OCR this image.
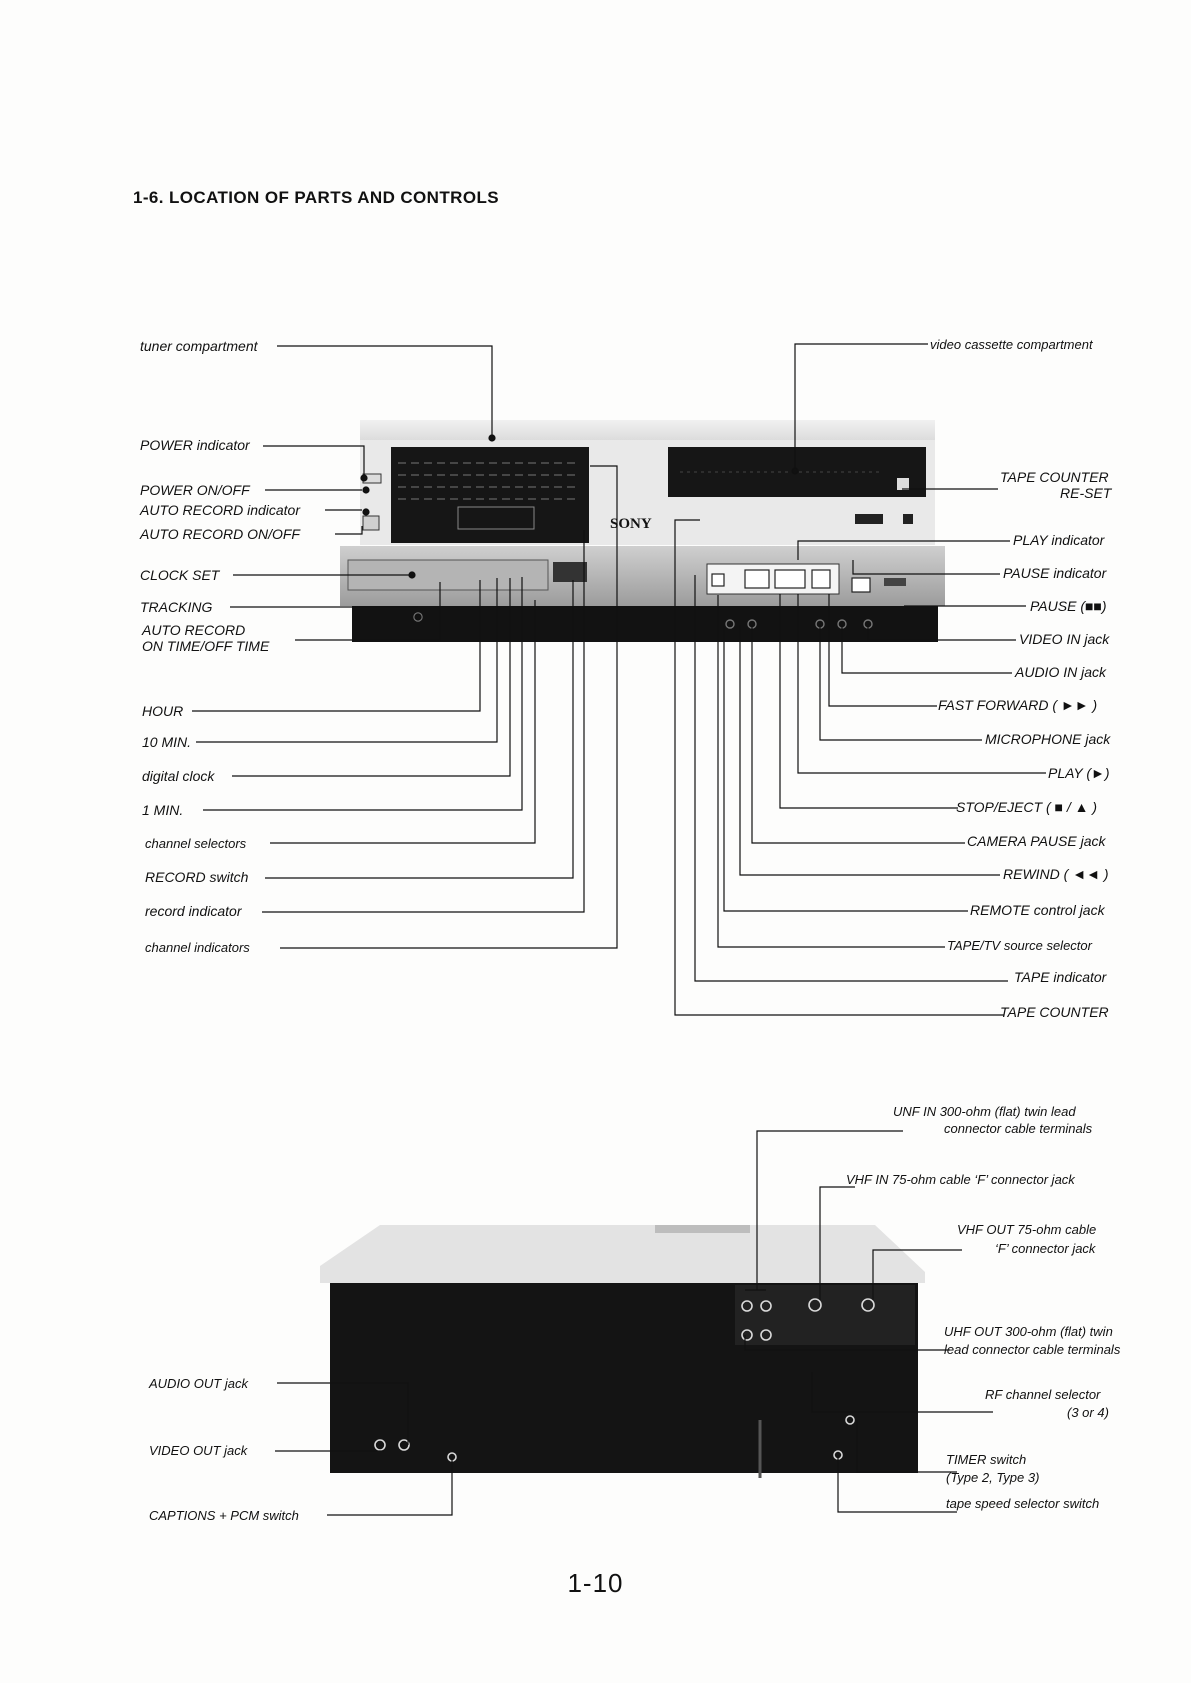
SONY
1-6. LOCATION OF PARTS AND CONTROLS
tuner compartment
POWER indicator
POWER ON/OFF
AUTO RECORD indicator
AUTO RECORD ON/OFF
CLOCK SET
TRACKING
AUTO RECORD
ON TIME/OFF TIME
HOUR
10 MIN.
digital clock
1 MIN.
channel selectors
RECORD switch
record indicator
channel indicators
video cassette compartment
TAPE COUNTER
RE-SET
PLAY indicator
PAUSE indicator
PAUSE (■■)
VIDEO IN jack
AUDIO IN jack
FAST FORWARD ( ►► )
MICROPHONE jack
PLAY (►)
STOP/EJECT ( ■ / ▲ )
CAMERA PAUSE jack
REWIND ( ◄◄ )
REMOTE control jack
TAPE/TV source selector
TAPE indicator
TAPE COUNTER
UNF IN 300-ohm (flat) twin lead
connector cable terminals
VHF IN 75-ohm cable ‘F’ connector jack
VHF OUT 75-ohm cable
‘F’ connector jack
UHF OUT 300-ohm (flat) twin
lead connector cable terminals
RF channel selector
(3 or 4)
TIMER switch
(Type 2, Type 3)
tape speed selector switch
AUDIO OUT jack
VIDEO OUT jack
CAPTIONS + PCM switch
1-10
